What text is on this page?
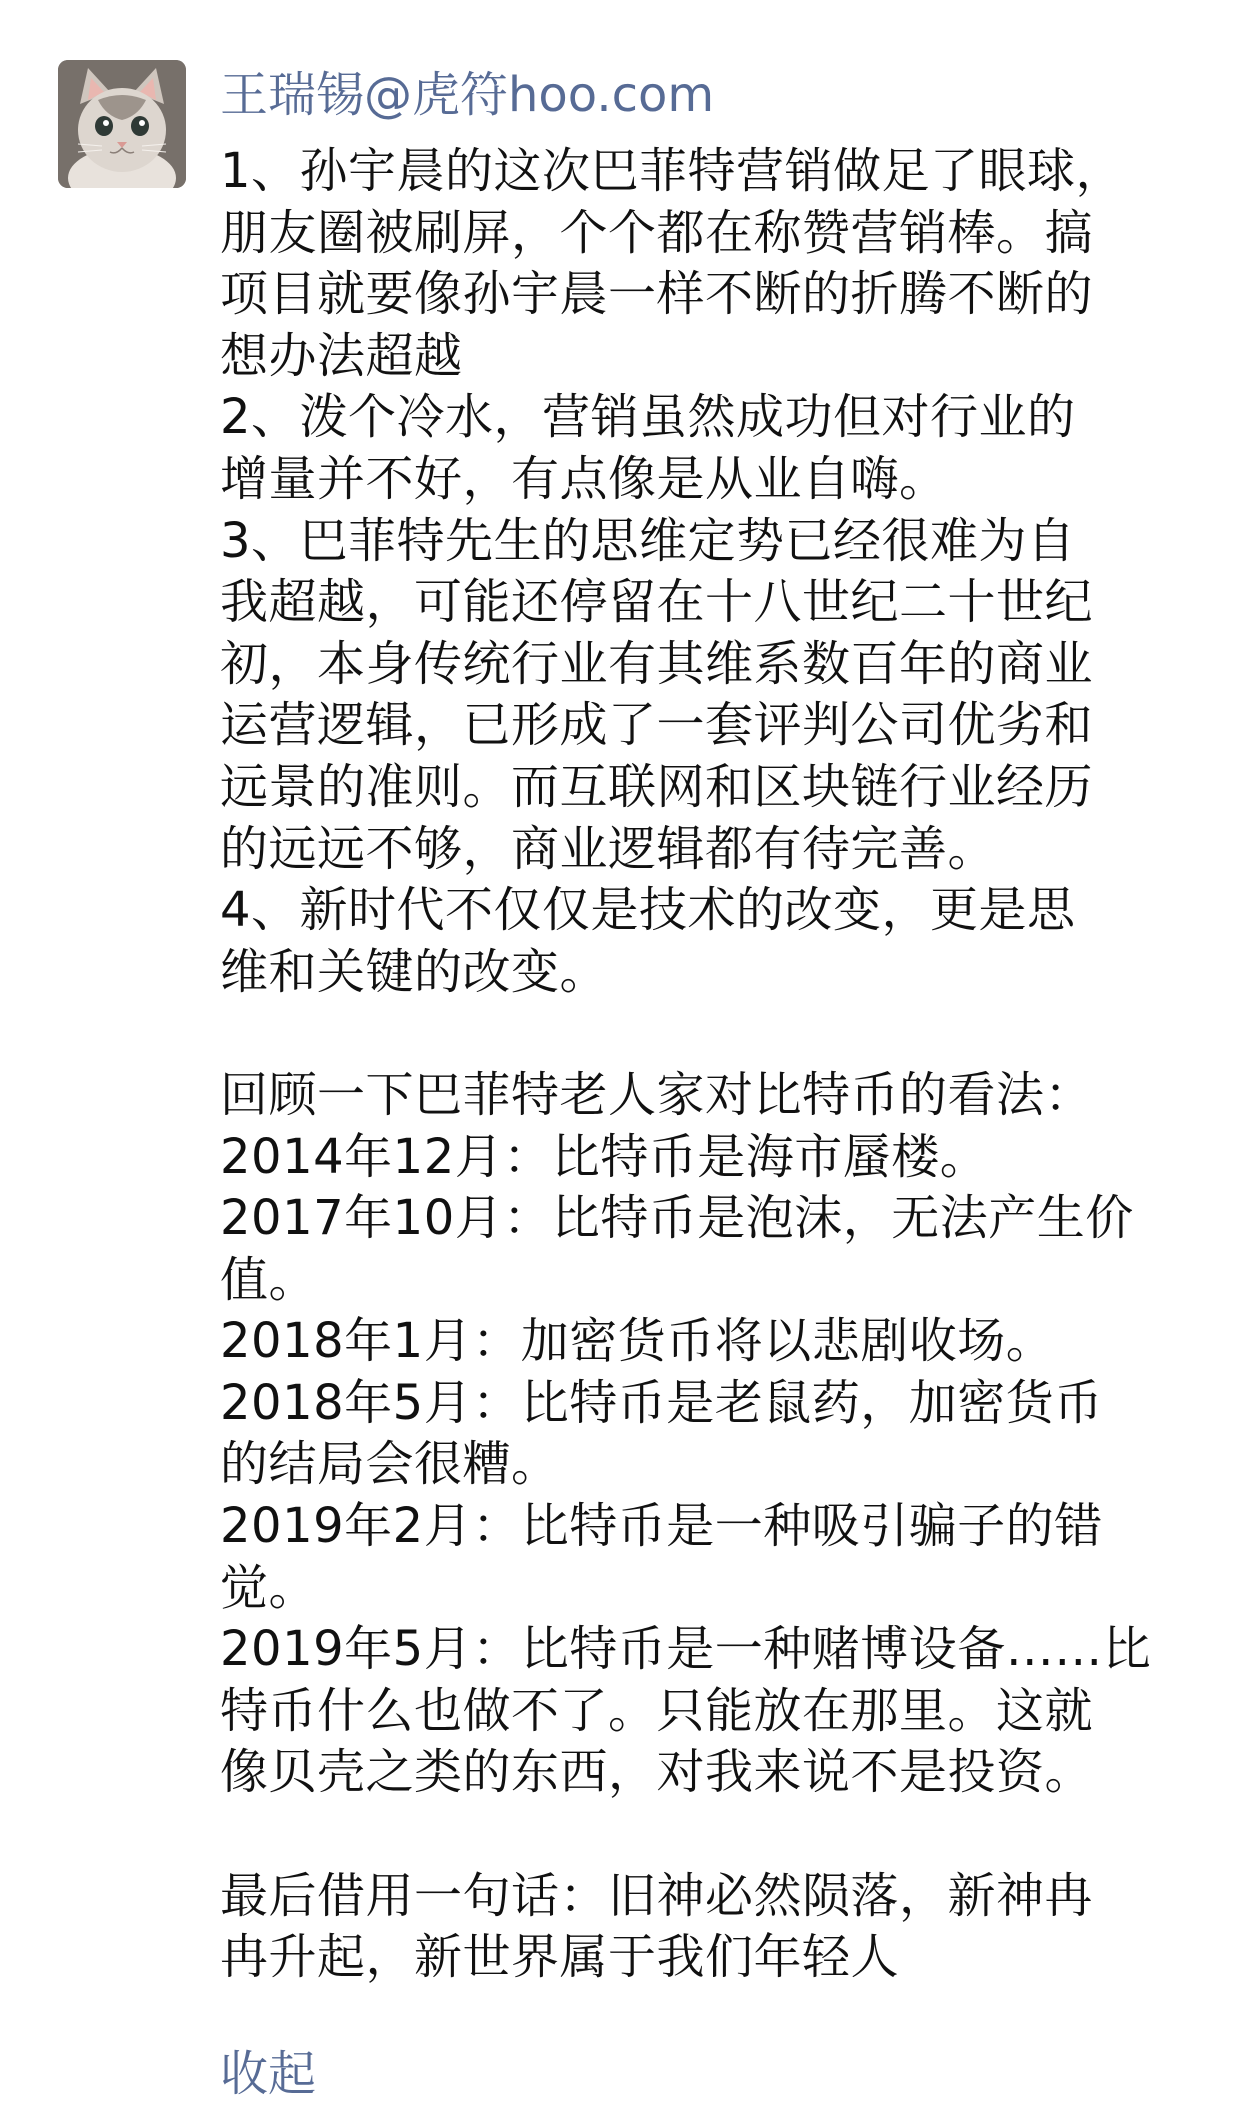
王瑞锡@虎符hoo.com
1、孙宇晨的这次巴菲特营销做足了眼球，
朋友圈被刷屏，个个都在称赞营销棒。搞
项目就要像孙宇晨一样不断的折腾不断的
想办法超越
2、泼个冷水，营销虽然成功但对行业的
增量并不好，有点像是从业自嗨。
3、巴菲特先生的思维定势已经很难为自
我超越，可能还停留在十八世纪二十世纪
初，本身传统行业有其维系数百年的商业
运营逻辑，已形成了一套评判公司优劣和
远景的准则。而互联网和区块链行业经历
的远远不够，商业逻辑都有待完善。
4、新时代不仅仅是技术的改变，更是思
维和关键的改变。
回顾一下巴菲特老人家对比特币的看法：
2014年12月：比特币是海市蜃楼。
2017年10月：比特币是泡沫，无法产生价
值。
2018年1月：加密货币将以悲剧收场。
2018年5月：比特币是老鼠药，加密货币
的结局会很糟。
2019年2月：比特币是一种吸引骗子的错
觉。
2019年5月：比特币是一种赌博设备……比
特币什么也做不了。只能放在那里。这就
像贝壳之类的东西，对我来说不是投资。
最后借用一句话：旧神必然陨落，新神冉
冉升起，新世界属于我们年轻人
收起
